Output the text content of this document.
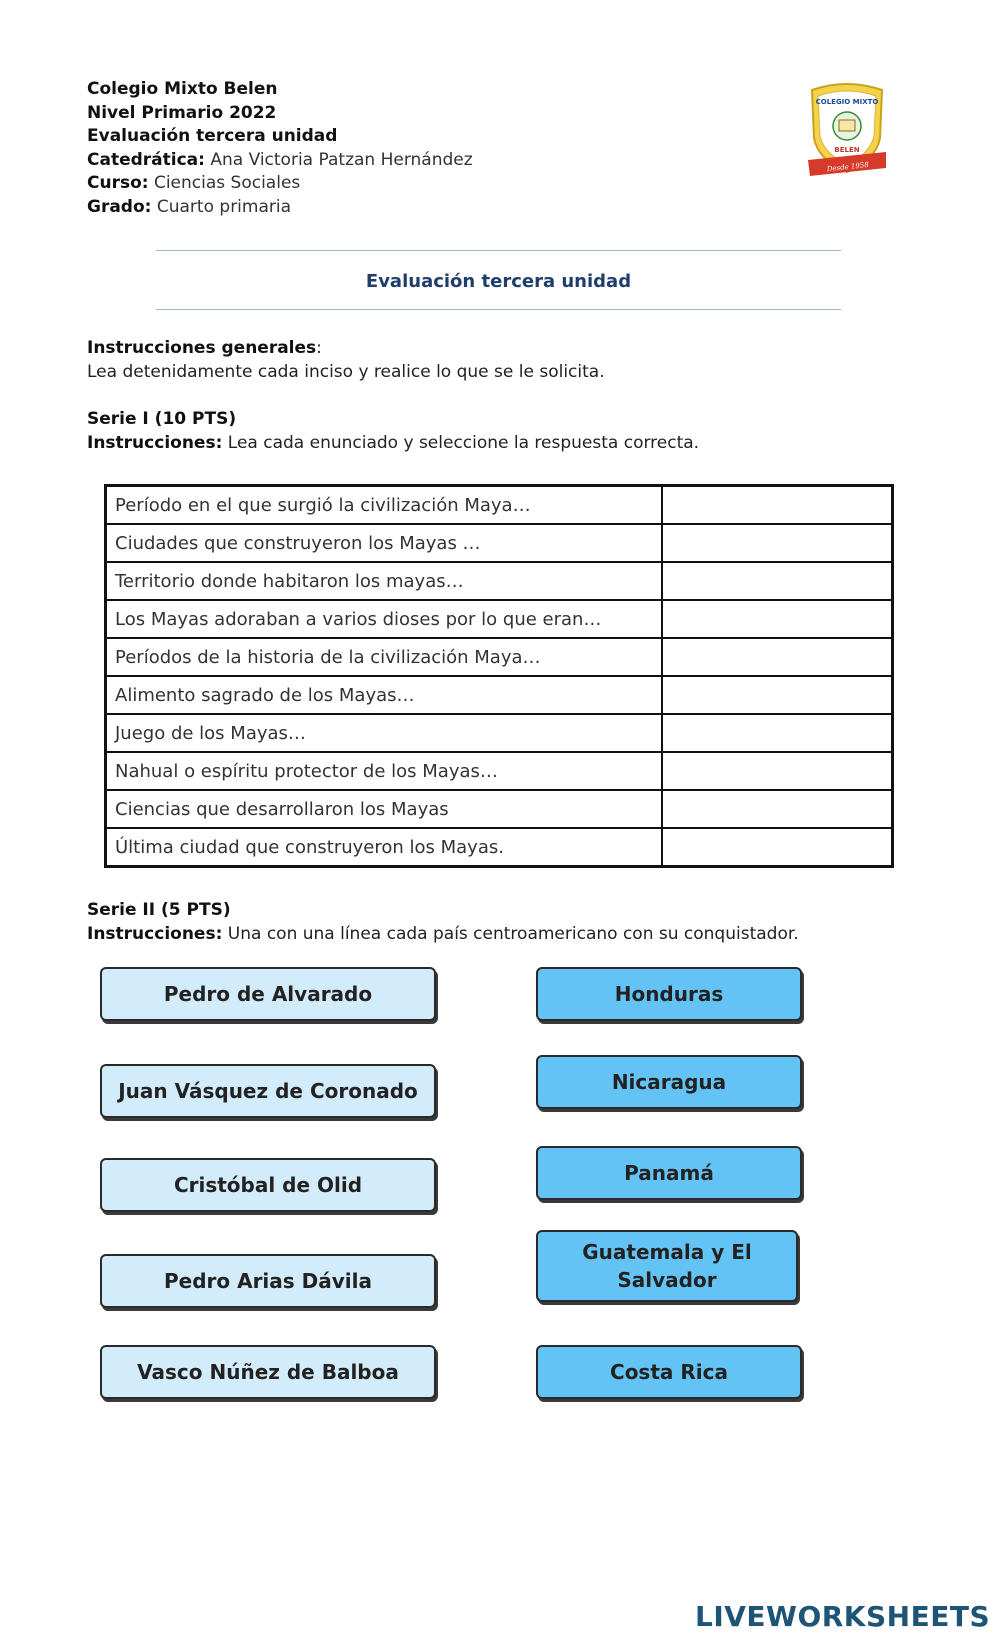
Colegio Mixto Belen
Nivel Primario 2022
Evaluación tercera unidad
Catedrática: Ana Victoria Patzan Hernández
Curso: Ciencias Sociales
Grado: Cuarto primaria
COLEGIO MIXTO
BELEN
Desde 1958
Evaluación tercera unidad
Instrucciones generales:
Lea detenidamente cada inciso y realice lo que se le solicita.
Serie I (10 PTS)
Instrucciones: Lea cada enunciado y seleccione la respuesta correcta.
Período en el que surgió la civilización Maya…	
Ciudades que construyeron los Mayas …	
Territorio donde habitaron los mayas…	
Los Mayas adoraban a varios dioses por lo que eran…	
Períodos de la historia de la civilización Maya…	
Alimento sagrado de los Mayas…	
Juego de los Mayas…	
Nahual o espíritu protector de los Mayas…	
Ciencias que desarrollaron los Mayas	
Última ciudad que construyeron los Mayas.	
Serie II (5 PTS)
Instrucciones: Una con una línea cada país centroamericano con su conquistador.
Pedro de Alvarado
Juan Vásquez de Coronado
Cristóbal de Olid
Pedro Arias Dávila
Vasco Núñez de Balboa
Honduras
Nicaragua
Panamá
Guatemala y El Salvador
Costa Rica
LIVEWORKSHEETS
